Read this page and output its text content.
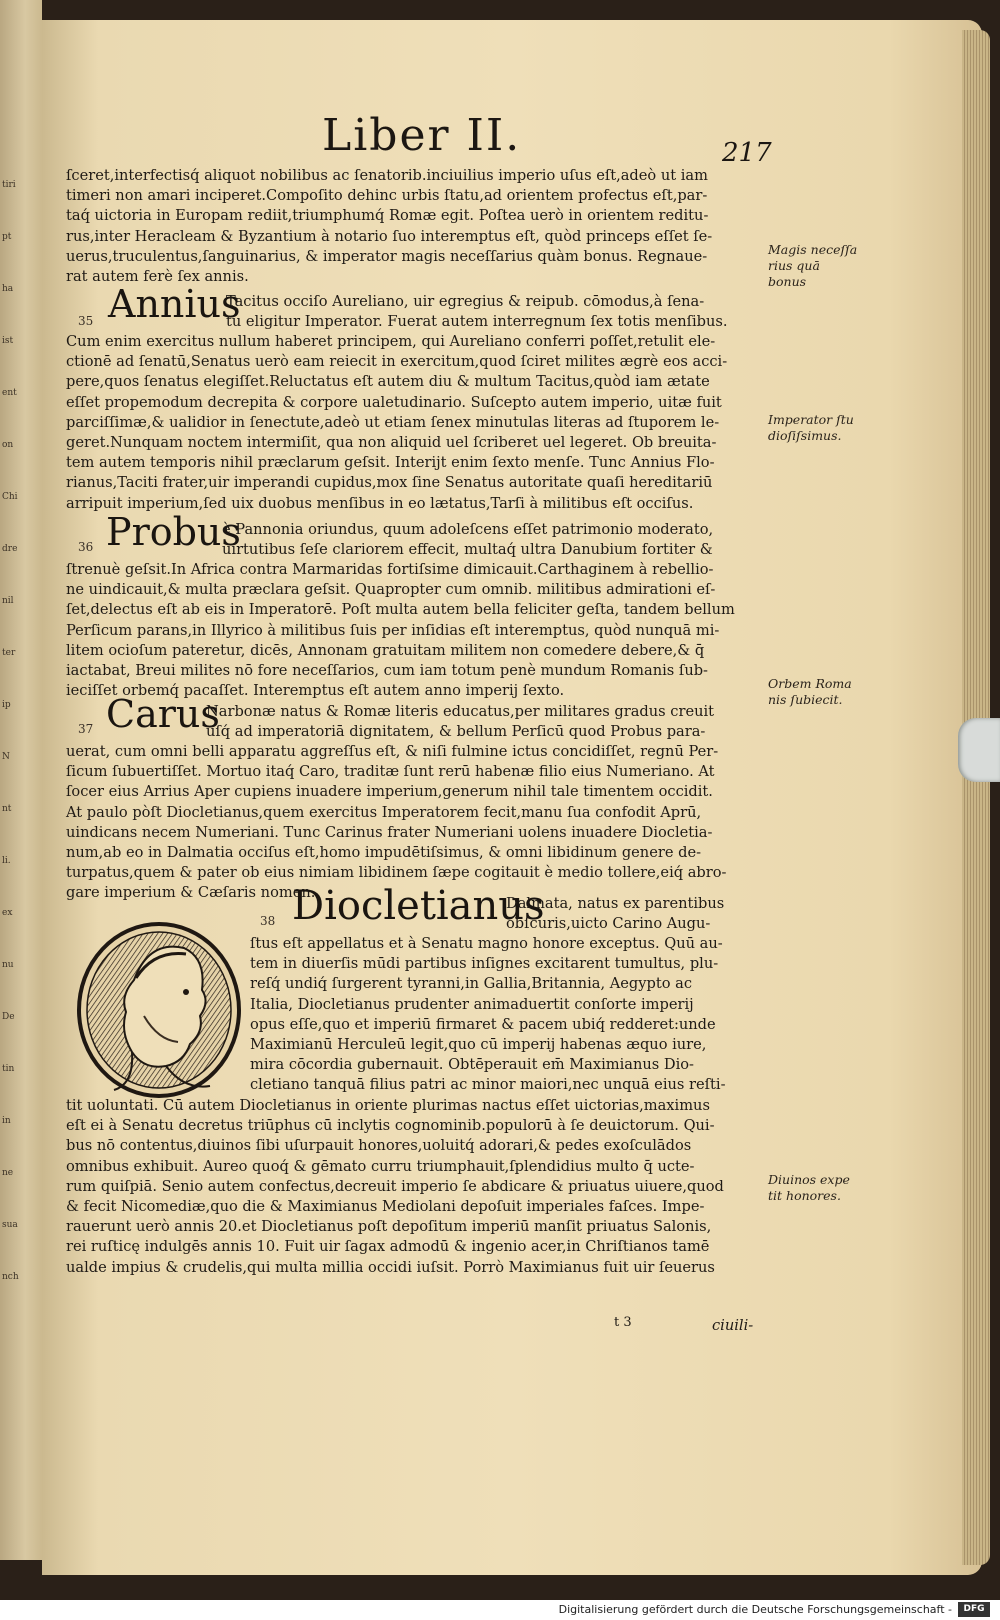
tiri
pt
ha
ist
ent
on
Chi
dre
nil
ter
ip
N
nt
li.
ex
nu
De
tin
in
ne
sua
nch
Liber II.	217

ſceret,interfectisq́ aliquot nobilibus ac ſenatorib.inciuilius imperio uſus eſt,adeò ut iam

timeri non amari inciperet.Compoſito dehinc urbis ſtatu,ad orientem profectus eſt,par-

taq́ uictoria in Europam rediit,triumphumq́ Romæ egit. Poſtea uerò in orientem reditu-

rus,inter Heracleam & Byzantium à notario ſuo interemptus eſt, quòd princeps eſſet ſe-

uerus,truculentus,ſanguinarius, & imperator magis neceſſarius quàm bonus. Regnaue-

rat autem ferè ſex annis.

35 Annius

Tacitus occiſo Aureliano, uir egregius & reipub. cōmodus,à ſena-

tu eligitur Imperator. Fuerat autem interregnum ſex totis menſibus.

Cum enim exercitus nullum haberet principem, qui Aureliano conferri poſſet,retulit ele-

ctionē ad ſenatū,Senatus uerò eam reiecit in exercitum,quod ſciret milites ægrè eos acci-

pere,quos ſenatus elegiſſet.Reluctatus eſt autem diu & multum Tacitus,quòd iam ætate

eſſet propemodum decrepita & corpore ualetudinario. Suſcepto autem imperio, uitæ fuit

parciſſimæ,& ualidior in ſenectute,adeò ut etiam ſenex minutulas literas ad ſtuporem le-

geret.Nunquam noctem intermiſit, qua non aliquid uel ſcriberet uel legeret. Ob breuita-

tem autem temporis nihil præclarum geſsit. Interijt enim ſexto menſe. Tunc Annius Flo-

rianus,Taciti frater,uir imperandi cupidus,mox ſine Senatus autoritate quaſi hereditariū

arripuit imperium,ſed uix duobus menſibus in eo lætatus,Tarſi à militibus eſt occiſus.

36 Probus

è Pannonia oriundus, quum adoleſcens eſſet patrimonio moderato,

uirtutibus ſeſe clariorem effecit, multaq́ ultra Danubium fortiter &

ſtrenuè geſsit.In Africa contra Marmaridas fortiſsime dimicauit.Carthaginem à rebellio-

ne uindicauit,& multa præclara geſsit. Quapropter cum omnib. militibus admirationi eſ-

ſet,delectus eſt ab eis in Imperatorē. Poſt multa autem bella feliciter geſta, tandem bellum

Perſicum parans,in Illyrico à militibus ſuis per inſidias eſt interemptus, quòd nunquā mi-

litem ocioſum pateretur, dicēs, Annonam gratuitam militem non comedere debere,& q̄

iactabat, Breui milites nō fore neceſſarios, cum iam totum penè mundum Romanis ſub-

ieciſſet orbemq́ pacaſſet. Interemptus eſt autem anno imperij ſexto.

37 Carus

Narbonæ natus & Romæ literis educatus,per militares gradus creuit

uſq́ ad imperatoriā dignitatem, & bellum Perſicū quod Probus para-

uerat, cum omni belli apparatu aggreſſus eſt, & niſi fulmine ictus concidiſſet, regnū Per-

ſicum ſubuertiſſet. Mortuo itaq́ Caro, traditæ ſunt rerū habenæ filio eius Numeriano. At

ſocer eius Arrius Aper cupiens inuadere imperium,generum nihil tale timentem occidit.

At paulo pòſt Diocletianus,quem exercitus Imperatorem fecit,manu ſua confodit Aprū,

uindicans necem Numeriani. Tunc Carinus frater Numeriani uolens inuadere Diocletia-

num,ab eo in Dalmatia occiſus eſt,homo impudētiſsimus, & omni libidinum genere de-

turpatus,quem & pater ob eius nimiam libidinem ſæpe cogitauit è medio tollere,eiq́ abro-

gare imperium & Cæſaris nomen.

38 Diocletianus

Dalmata, natus ex parentibus

obſcuris,uicto Carino Augu-

ſtus eſt appellatus et à Senatu magno honore exceptus. Quū au-

tem in diuerſis mūdi partibus inſignes excitarent tumultus, plu-

reſq́ undiq́ ſurgerent tyranni,in Gallia,Britannia, Aegypto ac

Italia, Diocletianus prudenter animaduertit conſorte imperij

opus eſſe,quo et imperiū firmaret & pacem ubiq́ redderet:unde

Maximianū Herculeū legit,quo cū imperij habenas æquo iure,

mira cōcordia gubernauit. Obtēperauit em̄ Maximianus Dio-

cletiano tanquā filius patri ac minor maiori,nec unquā eius reſti-

tit uoluntati. Cū autem Diocletianus in oriente plurimas nactus eſſet uictorias,maximus

eſt ei à Senatu decretus triūphus cū inclytis cognominib.populorū à ſe deuictorum. Qui-

bus nō contentus,diuinos ſibi uſurpauit honores,uoluitq́ adorari,& pedes exoſculādos

omnibus exhibuit. Aureo quoq́ & gēmato curru triumphauit,ſplendidius multo q̄ ucte-

rum quiſpiā. Senio autem confectus,decreuit imperio ſe abdicare & priuatus uiuere,quod

& fecit Nicomediæ,quo die & Maximianus Mediolani depoſuit imperiales faſces. Impe-

rauerunt uerò annis 20.et Diocletianus poſt depoſitum imperiū manſit priuatus Salonis,

rei ruſticę indulgēs annis 10. Fuit uir ſagax admodū & ingenio acer,in Chriſtianos tamē

ualde impius & crudelis,qui multa millia occidi iuſsit. Porrò Maximianus fuit uir ſeuerus

Magis neceſſa rius quā bonus
Imperator ſtu dioſiſsimus.
Orbem Roma nis ſubiecit.
Diuinos expe tit honores.
t 3	ciuili-
Digitalisierung gefördert durch die Deutsche Forschungsgemeinschaft -	DFG
